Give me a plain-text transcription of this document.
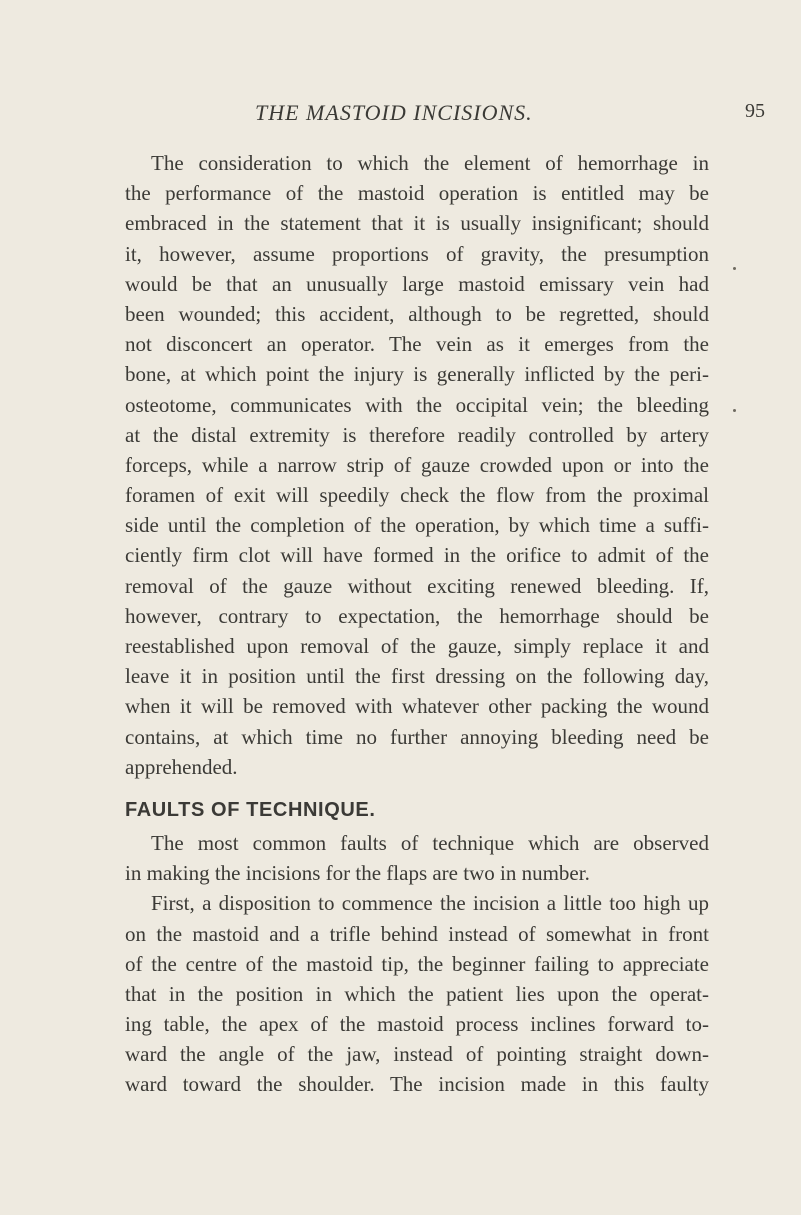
THE MASTOID INCISIONS.	95
The consideration to which the element of hemorrhage in
the performance of the mastoid operation is entitled may be
embraced in the statement that it is usually insignificant; should
it, however, assume proportions of gravity, the presumption
would be that an unusually large mastoid emissary vein had
been wounded; this accident, although to be regretted, should
not disconcert an operator. The vein as it emerges from the
bone, at which point the injury is generally inflicted by the peri-
osteotome, communicates with the occipital vein; the bleeding
at the distal extremity is therefore readily controlled by artery
forceps, while a narrow strip of gauze crowded upon or into the
foramen of exit will speedily check the flow from the proximal
side until the completion of the operation, by which time a suffi-
ciently firm clot will have formed in the orifice to admit of the
removal of the gauze without exciting renewed bleeding. If,
however, contrary to expectation, the hemorrhage should be
reestablished upon removal of the gauze, simply replace it and
leave it in position until the first dressing on the following day,
when it will be removed with whatever other packing the wound
contains, at which time no further annoying bleeding need be
apprehended.
FAULTS OF TECHNIQUE.
The most common faults of technique which are observed
in making the incisions for the flaps are two in number.
First, a disposition to commence the incision a little too high up
on the mastoid and a trifle behind instead of somewhat in front
of the centre of the mastoid tip, the beginner failing to appreciate
that in the position in which the patient lies upon the operat-
ing table, the apex of the mastoid process inclines forward to-
ward the angle of the jaw, instead of pointing straight down-
ward toward the shoulder. The incision made in this faulty
